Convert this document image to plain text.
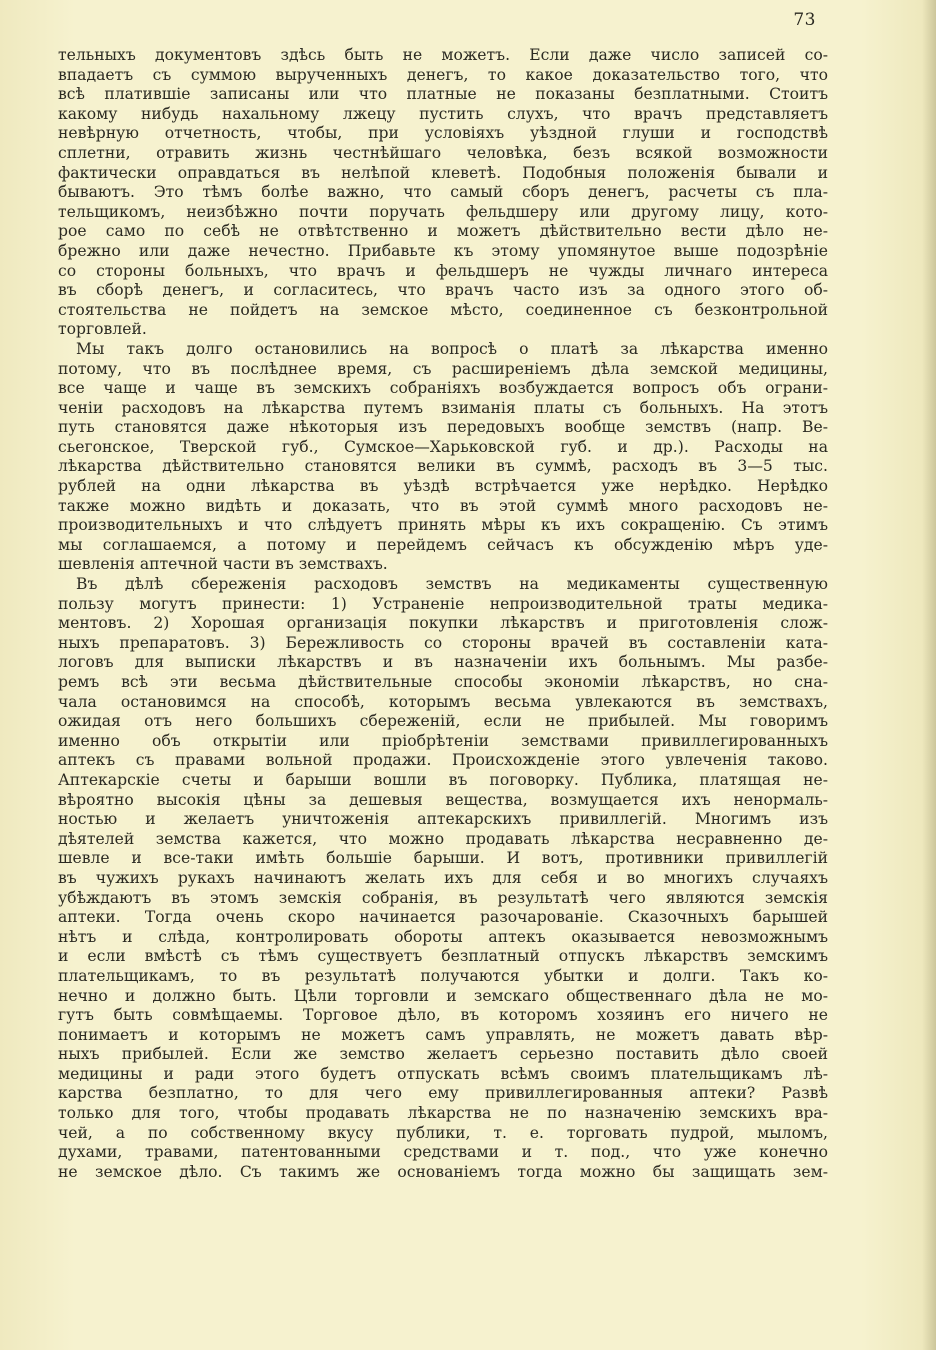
73
тельныхъ документовъ здѣсь быть не можетъ. Если даже число записей со-
впадаетъ съ суммою вырученныхъ денегъ, то какое доказательство того, что
всѣ платившіе записаны или что платные не показаны безплатными. Стоитъ
какому нибудь нахальному лжецу пустить слухъ, что врачъ представляетъ
невѣрную отчетность, чтобы, при условіяхъ уѣздной глуши и господствѣ
сплетни, отравить жизнь честнѣйшаго человѣка, безъ всякой возможности
фактически оправдаться въ нелѣпой клеветѣ. Подобныя положенія бывали и
бываютъ. Это тѣмъ болѣе важно, что самый сборъ денегъ, расчеты съ пла-
тельщикомъ, неизбѣжно почти поручать фельдшеру или другому лицу, кото-
рое само по себѣ не отвѣтственно и можетъ дѣйствительно вести дѣло не-
брежно или даже нечестно. Прибавьте къ этому упомянутое выше подозрѣніе
со стороны больныхъ, что врачъ и фельдшеръ не чужды личнаго интереса
въ сборѣ денегъ, и согласитесь, что врачъ часто изъ за одного этого об-
стоятельства не пойдетъ на земское мѣсто, соединенное съ безконтрольной
торговлей.
Мы такъ долго остановились на вопросѣ о платѣ за лѣкарства именно
потому, что въ послѣднее время, съ расширеніемъ дѣла земской медицины,
все чаще и чаще въ земскихъ собраніяхъ возбуждается вопросъ объ ограни-
ченіи расходовъ на лѣкарства путемъ взиманія платы съ больныхъ. На этотъ
путь становятся даже нѣкоторыя изъ передовыхъ вообще земствъ (напр. Ве-
сьегонское, Тверской губ., Сумское—Харьковской губ. и др.). Расходы на
лѣкарства дѣйствительно становятся велики въ суммѣ, расходъ въ 3—5 тыс.
рублей на одни лѣкарства въ уѣздѣ встрѣчается уже нерѣдко. Нерѣдко
также можно видѣть и доказать, что въ этой суммѣ много расходовъ не-
производительныхъ и что слѣдуетъ принять мѣры къ ихъ сокращенію. Съ этимъ
мы соглашаемся, а потому и перейдемъ сейчасъ къ обсужденію мѣръ уде-
шевленія аптечной части въ земствахъ.
Въ дѣлѣ сбереженія расходовъ земствъ на медикаменты существенную
пользу могутъ принести: 1) Устраненіе непроизводительной траты медика-
ментовъ. 2) Хорошая организація покупки лѣкарствъ и приготовленія слож-
ныхъ препаратовъ. 3) Бережливость со стороны врачей въ составленіи ката-
логовъ для выписки лѣкарствъ и въ назначеніи ихъ больнымъ. Мы разбе-
ремъ всѣ эти весьма дѣйствительные способы экономіи лѣкарствъ, но сна-
чала остановимся на способѣ, которымъ весьма увлекаются въ земствахъ,
ожидая отъ него большихъ сбереженій, если не прибылей. Мы говоримъ
именно объ открытіи или пріобрѣтеніи земствами привиллегированныхъ
аптекъ съ правами вольной продажи. Происхожденіе этого увлеченія таково.
Аптекарскіе счеты и барыши вошли въ поговорку. Публика, платящая не-
вѣроятно высокія цѣны за дешевыя вещества, возмущается ихъ ненормаль-
ностью и желаетъ уничтоженія аптекарскихъ привиллегій. Многимъ изъ
дѣятелей земства кажется, что можно продавать лѣкарства несравненно де-
шевле и все-таки имѣть большіе барыши. И вотъ, противники привиллегій
въ чужихъ рукахъ начинаютъ желать ихъ для себя и во многихъ случаяхъ
убѣждаютъ въ этомъ земскія собранія, въ результатѣ чего являются земскія
аптеки. Тогда очень скоро начинается разочарованіе. Сказочныхъ барышей
нѣтъ и слѣда, контролировать обороты аптекъ оказывается невозможнымъ
и если вмѣстѣ съ тѣмъ существуетъ безплатный отпускъ лѣкарствъ земскимъ
плательщикамъ, то въ результатѣ получаются убытки и долги. Такъ ко-
нечно и должно быть. Цѣли торговли и земскаго общественнаго дѣла не мо-
гутъ быть совмѣщаемы. Торговое дѣло, въ которомъ хозяинъ его ничего не
понимаетъ и которымъ не можетъ самъ управлять, не можетъ давать вѣр-
ныхъ прибылей. Если же земство желаетъ серьезно поставить дѣло своей
медицины и ради этого будетъ отпускать всѣмъ своимъ плательщикамъ лѣ-
карства безплатно, то для чего ему привиллегированныя аптеки? Развѣ
только для того, чтобы продавать лѣкарства не по назначенію земскихъ вра-
чей, а по собственному вкусу публики, т. е. торговать пудрой, мыломъ,
духами, травами, патентованными средствами и т. под., что уже конечно
не земское дѣло. Съ такимъ же основаніемъ тогда можно бы защищать зем-
